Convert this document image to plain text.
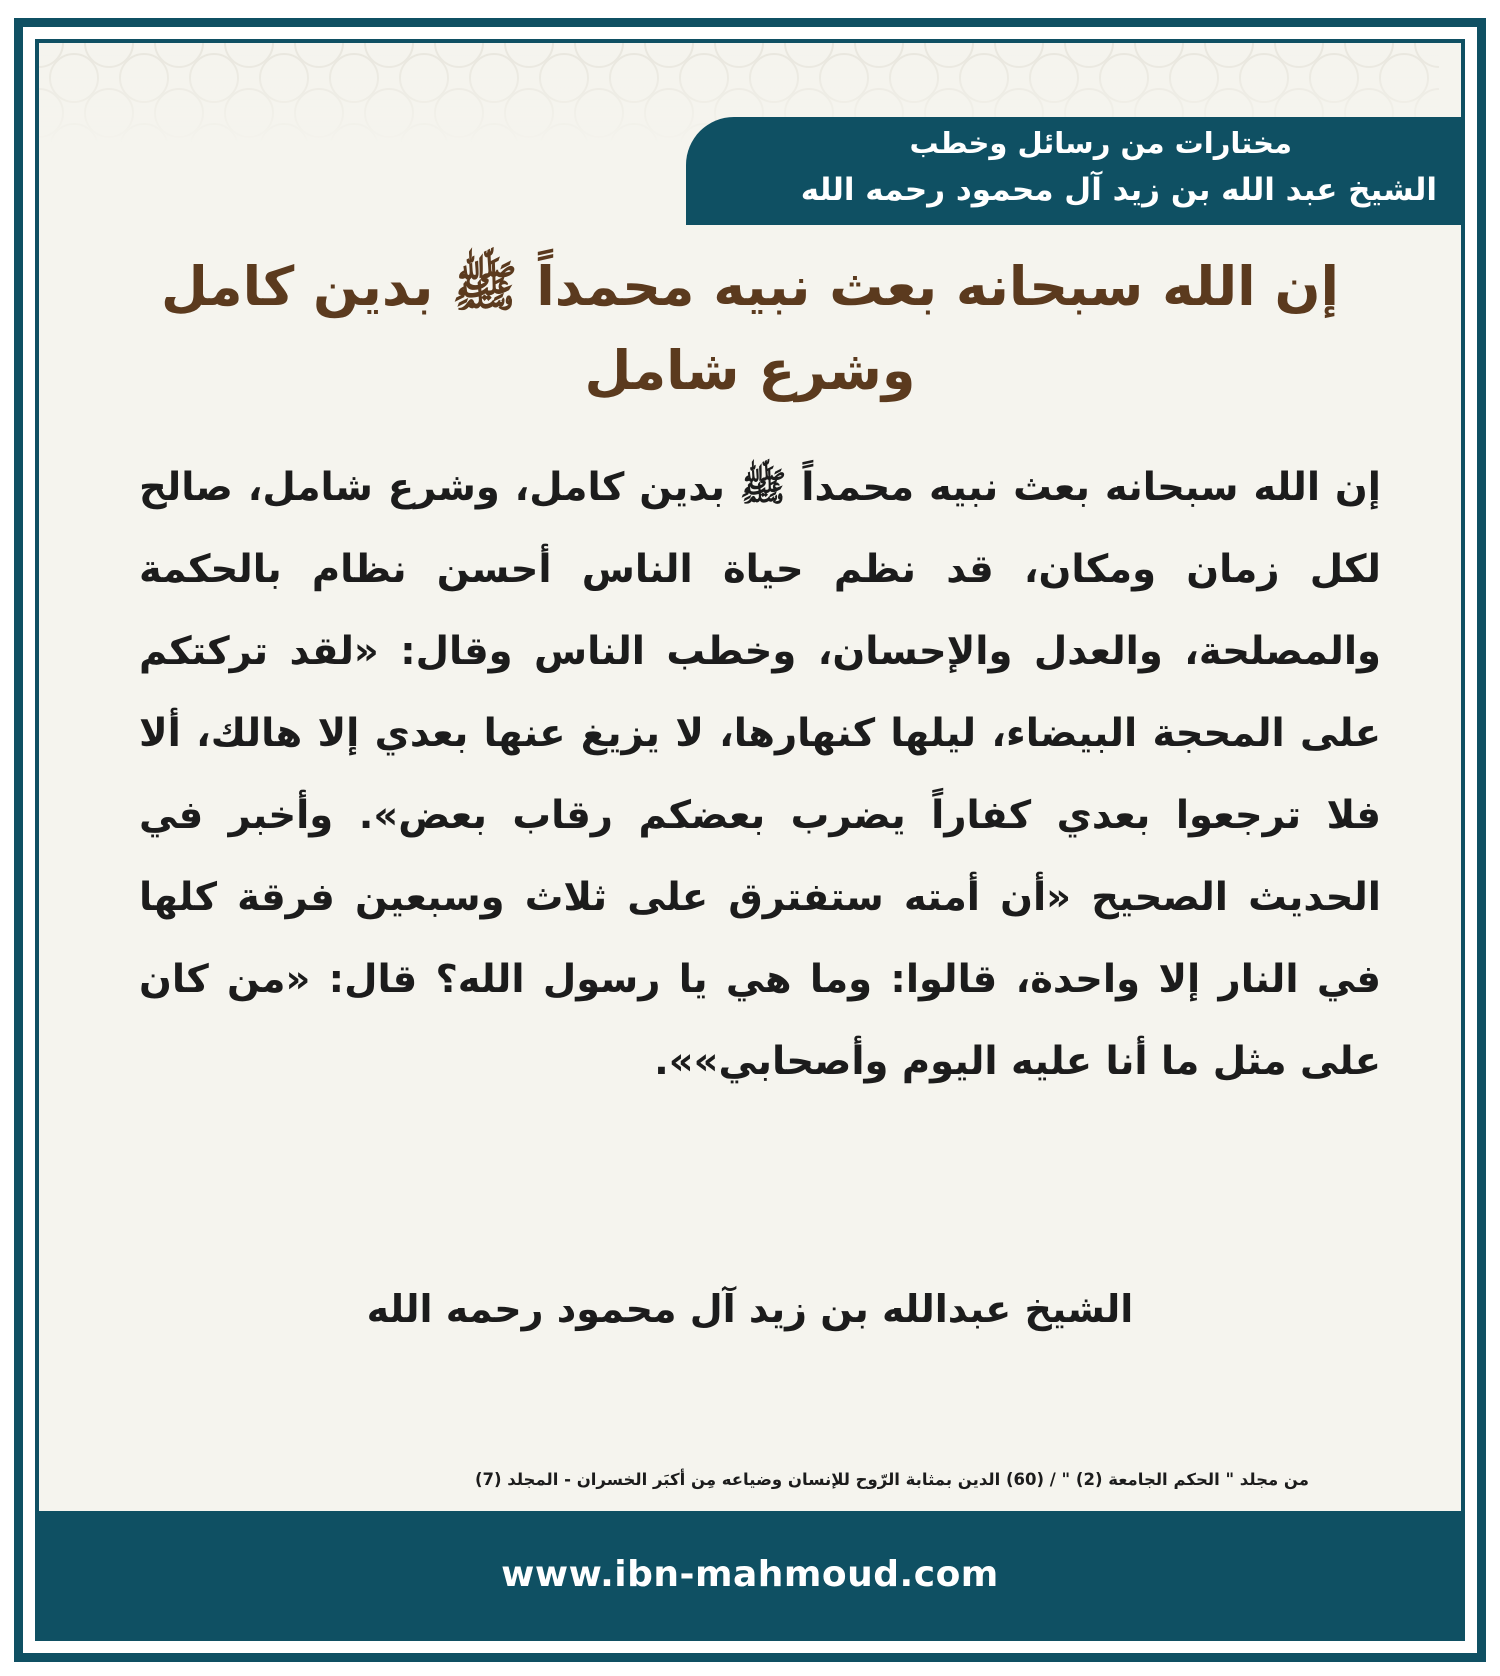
مختارات من رسائل وخطب
الشيخ عبد الله بن زيد آل محمود رحمه الله
إن الله سبحانه بعث نبيه محمداً ﷺ بدين كامل وشرع شامل

إن الله سبحانه بعث نبيه محمداً ﷺ بدين كامل، وشرع شامل، صالح لكل زمان ومكان، قد نظم حياة الناس أحسن نظام بالحكمة والمصلحة، والعدل والإحسان، وخطب الناس وقال: «لقد تركتكم على المحجة البيضاء، ليلها كنهارها، لا يزيغ عنها بعدي إلا هالك، ألا فلا ترجعوا بعدي كفاراً يضرب بعضكم رقاب بعض». وأخبر في الحديث الصحيح «أن أمته ستفترق على ثلاث وسبعين فرقة كلها في النار إلا واحدة، قالوا: وما هي يا رسول الله؟ قال: «من كان على مثل ما أنا عليه اليوم وأصحابي»».

الشيخ عبدالله بن زيد آل محمود رحمه الله
من مجلد " الحكم الجامعة (2) " / (60) الدين بمثابة الرّوح للإنسان وضياعه مِن أكبَر الخسران - المجلد (7)
www.ibn-mahmoud.com
